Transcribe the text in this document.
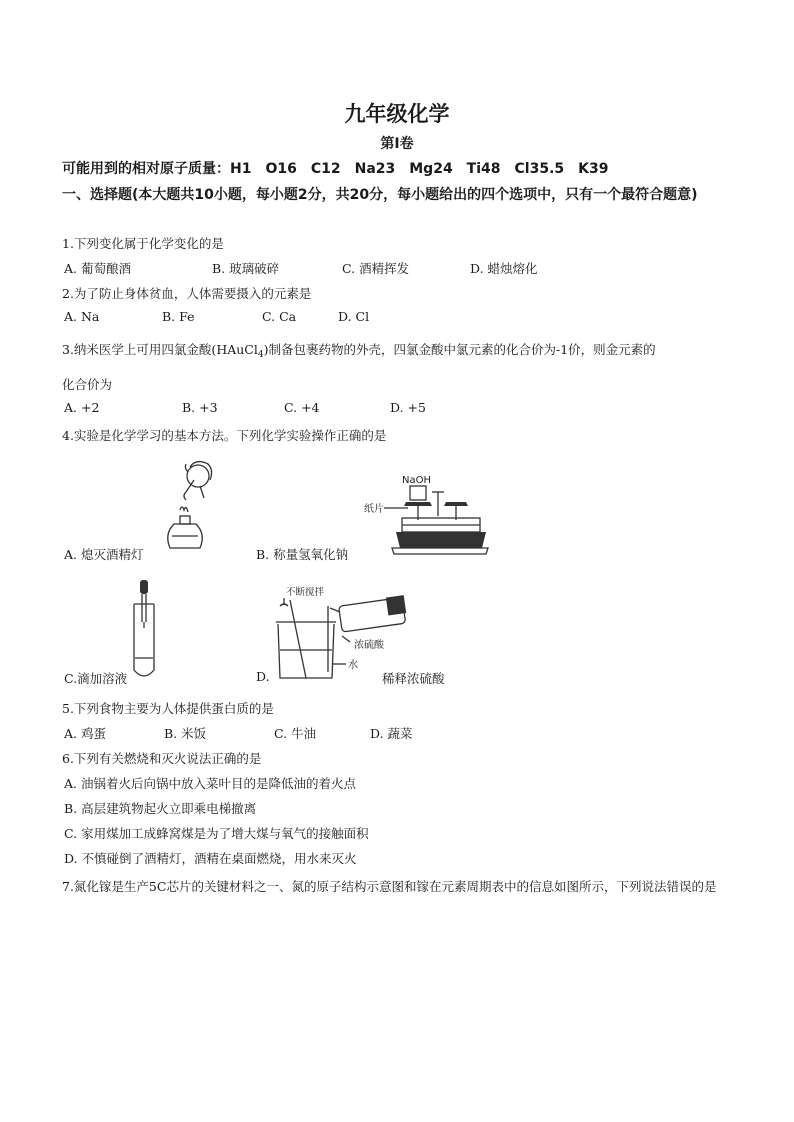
九年级化学
第Ⅰ卷
可能用到的相对原子质量：H1　O16　C12　Na23　Mg24　Ti48　Cl35.5　K39
一、选择题(本大题共10小题，每小题2分，共20分，每小题给出的四个选项中，只有一个最符合题意)
1.下列变化属于化学变化的是
A. 葡萄酿酒	B. 玻璃破碎	C. 酒精挥发	D. 蜡烛熔化
2.为了防止身体贫血，人体需要摄入的元素是
A. Na	B. Fe	C. Ca	D. Cl
3.纳米医学上可用四氯金酸(HAuCl$_4$)制备包裹药物的外壳，四氯金酸中氯元素的化合价为-1价，则金元素的
化合价为
A. +2	B. +3	C. +4	D. +5
4.实验是化学学习的基本方法。下列化学实验操作正确的是
A. 熄灭酒精灯
NaOH
纸片
B. 称量氢氧化钠
C.滴加溶液
不断搅拌
浓硫酸
水
D.	稀释浓硫酸
5.下列食物主要为人体提供蛋白质的是
A. 鸡蛋	B. 米饭	C. 牛油	D. 蔬菜
6.下列有关燃烧和灭火说法正确的是
A. 油锅着火后向锅中放入菜叶目的是降低油的着火点
B. 高层建筑物起火立即乘电梯撤离
C. 家用煤加工成蜂窝煤是为了增大煤与氧气的接触面积
D. 不慎碰倒了酒精灯，酒精在桌面燃烧，用水来灭火
7.氮化镓是生产5C芯片的关键材料之一、氮的原子结构示意图和镓在元素周期表中的信息如图所示，下列说法错误的是
